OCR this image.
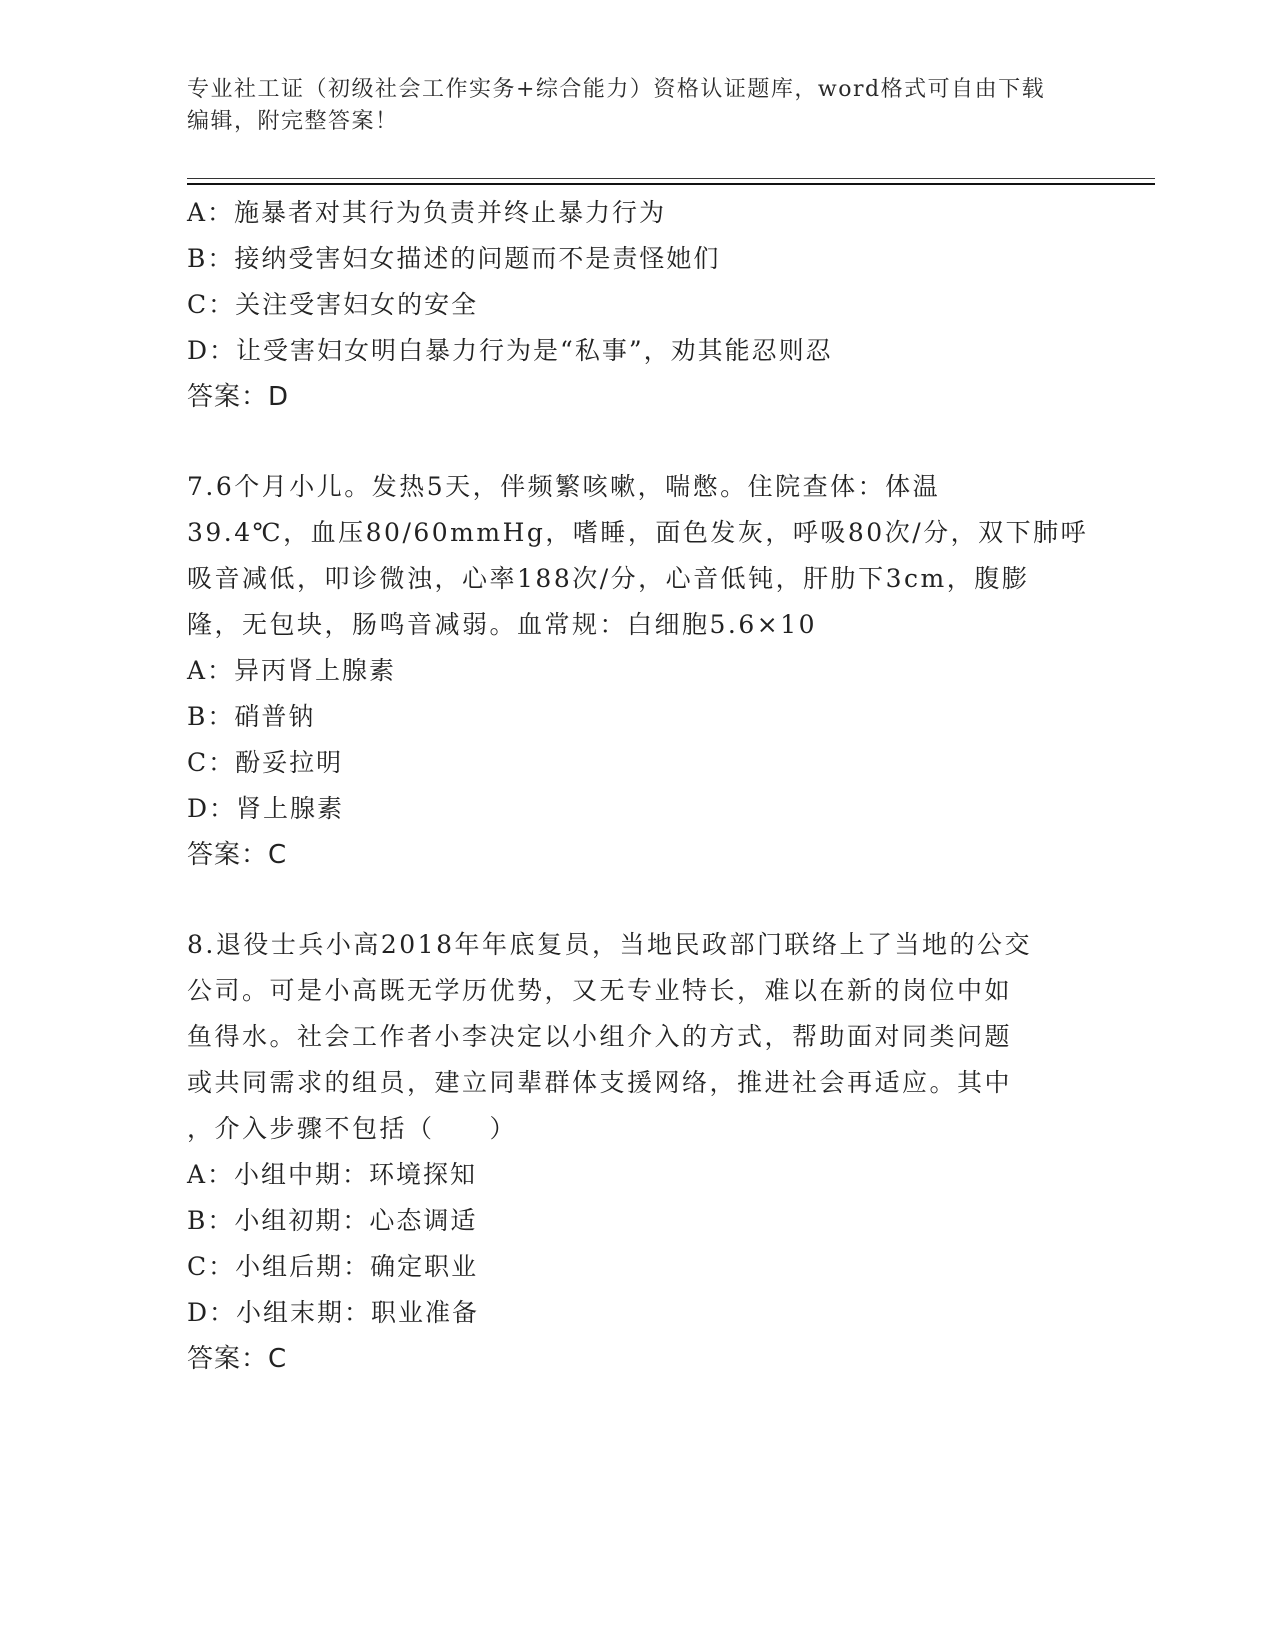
专业社工证（初级社会工作实务+综合能力）资格认证题库，word格式可自由下载
编辑，附完整答案！
A：施暴者对其行为负责并终止暴力行为
B：接纳受害妇女描述的问题而不是责怪她们
C：关注受害妇女的安全
D：让受害妇女明白暴力行为是“私事”，劝其能忍则忍
答案：D
7.6个月小儿。发热5天，伴频繁咳嗽，喘憋。住院查体：体温
39.4℃，血压80/60mmHg，嗜睡，面色发灰，呼吸80次/分，双下肺呼
吸音减低，叩诊微浊，心率188次/分，心音低钝，肝肋下3cm，腹膨
隆，无包块，肠鸣音减弱。血常规：白细胞5.6×10
A：异丙肾上腺素
B：硝普钠
C：酚妥拉明
D：肾上腺素
答案：C
8.退役士兵小高2018年年底复员，当地民政部门联络上了当地的公交
公司。可是小高既无学历优势，又无专业特长，难以在新的岗位中如
鱼得水。社会工作者小李决定以小组介入的方式，帮助面对同类问题
或共同需求的组员，建立同辈群体支援网络，推进社会再适应。其中
，介入步骤不包括（　　）
A：小组中期：环境探知
B：小组初期：心态调适
C：小组后期：确定职业
D：小组末期：职业准备
答案：C
